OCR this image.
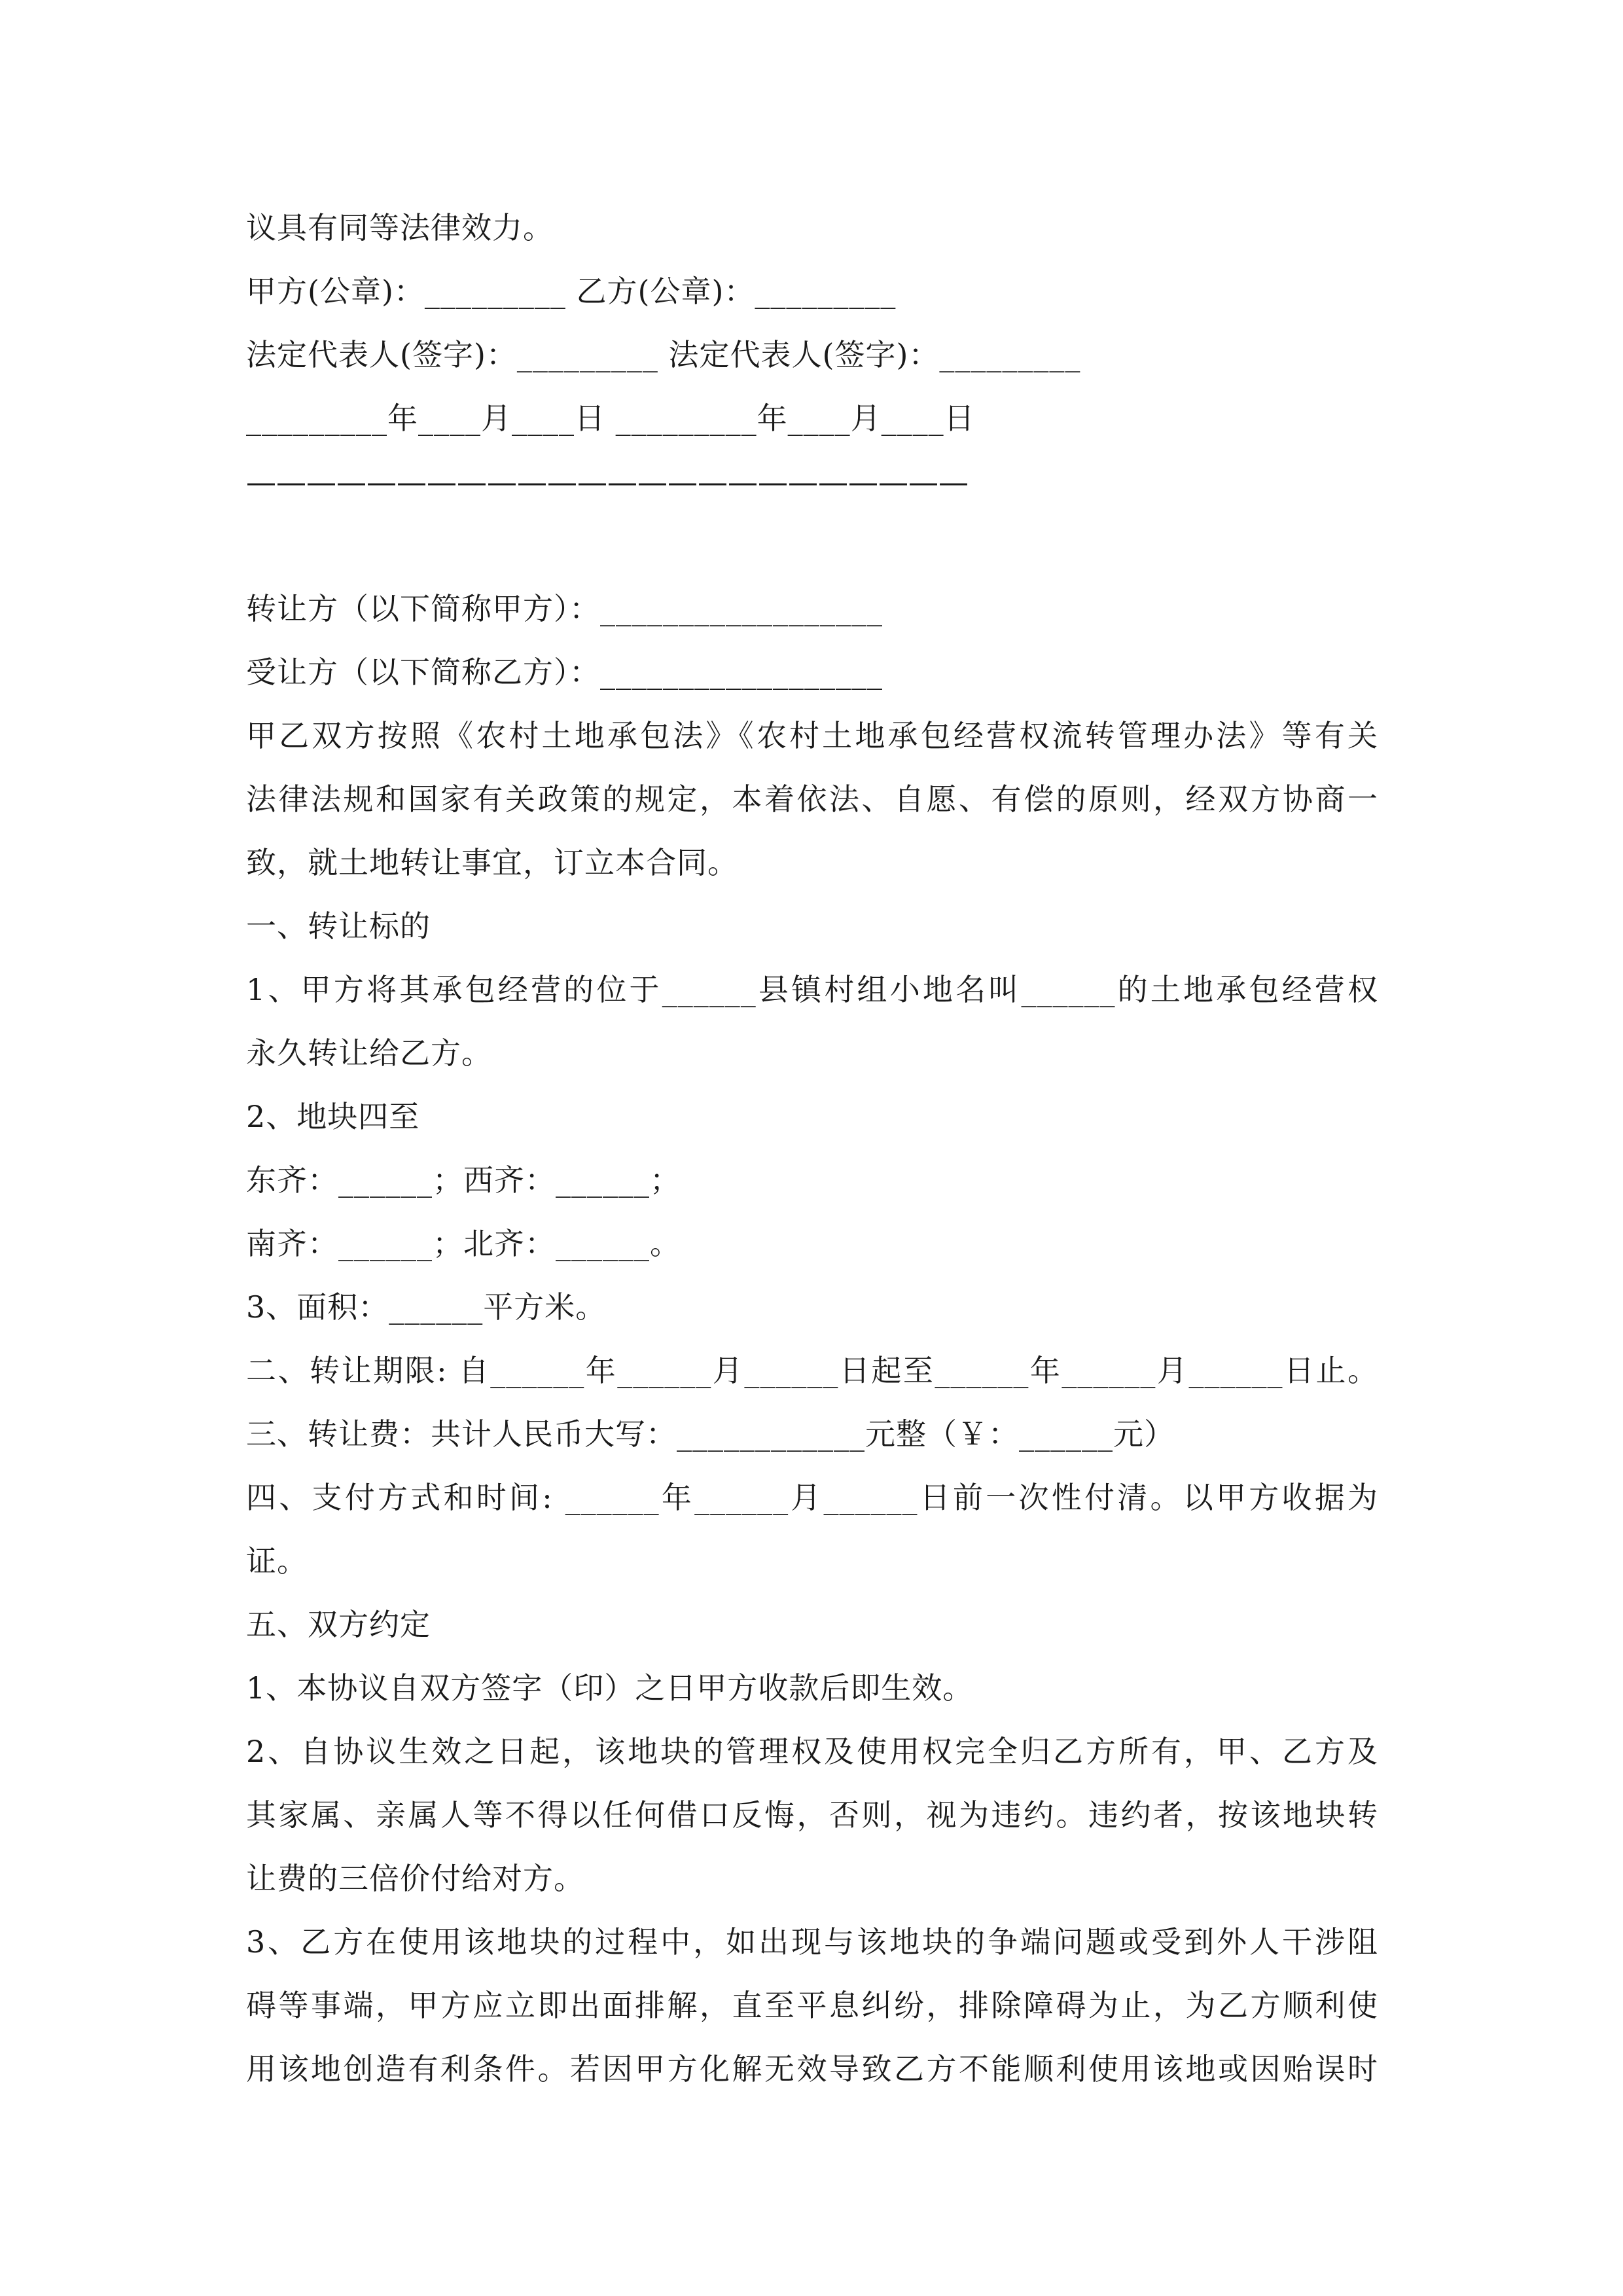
议具有同等法律效力。
甲方(公章)：_________ 乙方(公章)：_________
法定代表人(签字)：_________ 法定代表人(签字)：_________
_________年____月____日 _________年____月____日
————————————————————————
转让方（以下简称甲方）：__________________
受让方（以下简称乙方）：__________________
甲乙双方按照《农村土地承包法》《农村土地承包经营权流转管理办法》等有关
法律法规和国家有关政策的规定，本着依法、自愿、有偿的原则，经双方协商一
致，就土地转让事宜，订立本合同。
一、转让标的
1、甲方将其承包经营的位于______县镇村组小地名叫______的土地承包经营权
永久转让给乙方。
2、地块四至
东齐：______；西齐：______；
南齐：______；北齐：______。
3、面积：______平方米。
二、转让期限: 自______年______月______日起至______年______月______日止。
三、转让费：共计人民币大写：____________元整（￥：______元）
四、支付方式和时间: ______年______月______日前一次性付清。以甲方收据为
证。
五、双方约定
1、本协议自双方签字（印）之日甲方收款后即生效。
2、自协议生效之日起，该地块的管理权及使用权完全归乙方所有，甲、乙方及
其家属、亲属人等不得以任何借口反悔，否则，视为违约。违约者，按该地块转
让费的三倍价付给对方。
3、乙方在使用该地块的过程中，如出现与该地块的争端问题或受到外人干涉阻
碍等事端，甲方应立即出面排解，直至平息纠纷，排除障碍为止，为乙方顺利使
用该地创造有利条件。若因甲方化解无效导致乙方不能顺利使用该地或因贻误时
